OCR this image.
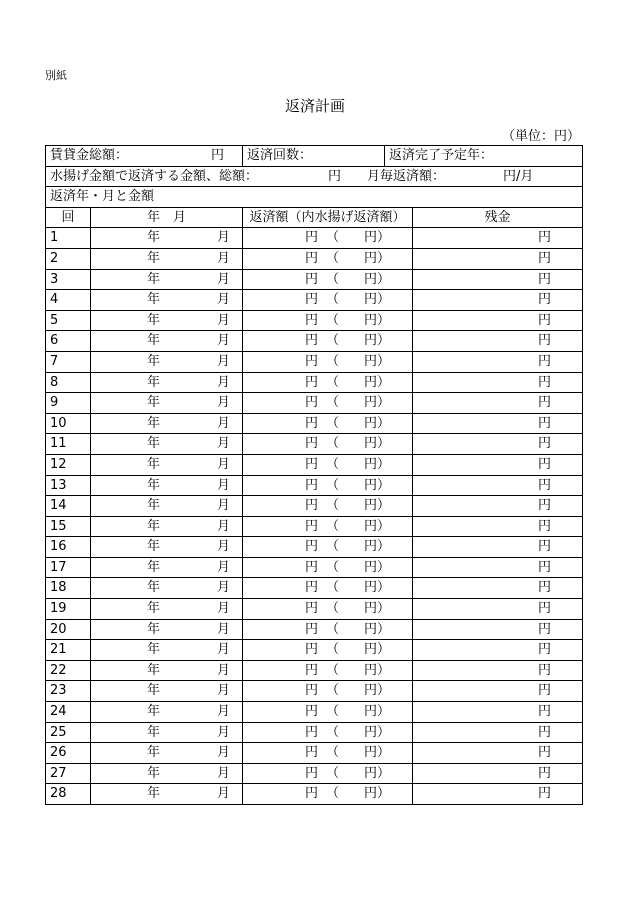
別紙
返済計画
（単位：円）
賃貸金総額： 円		返済回数：	返済完了予定年：	

水揚げ金額で返済する金額、総額： 円 月毎返済額： 円/月				

返済年・月と金額				

回	年　月	返済額（内水揚げ返済額）		残金
1	年 月	円 （ 円）		円
2	年 月	円 （ 円）		円
3	年 月	円 （ 円）		円
4	年 月	円 （ 円）		円
5	年 月	円 （ 円）		円
6	年 月	円 （ 円）		円
7	年 月	円 （ 円）		円
8	年 月	円 （ 円）		円
9	年 月	円 （ 円）		円
10	年 月	円 （ 円）		円
11	年 月	円 （ 円）		円
12	年 月	円 （ 円）		円
13	年 月	円 （ 円）		円
14	年 月	円 （ 円）		円
15	年 月	円 （ 円）		円
16	年 月	円 （ 円）		円
17	年 月	円 （ 円）		円
18	年 月	円 （ 円）		円
19	年 月	円 （ 円）		円
20	年 月	円 （ 円）		円
21	年 月	円 （ 円）		円
22	年 月	円 （ 円）		円
23	年 月	円 （ 円）		円
24	年 月	円 （ 円）		円
25	年 月	円 （ 円）		円
26	年 月	円 （ 円）		円
27	年 月	円 （ 円）		円
28	年 月	円 （ 円）		円
